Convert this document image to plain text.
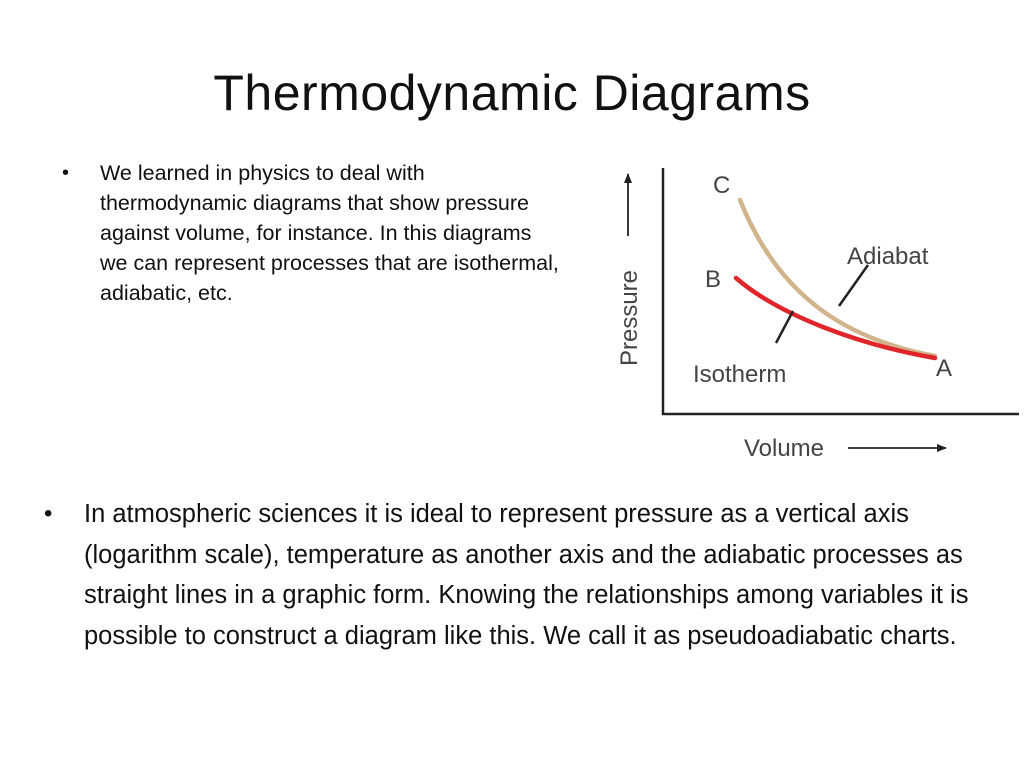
Thermodynamic Diagrams
•	We learned in physics to deal with thermodynamic diagrams that show pressure against volume, for instance. In this diagrams we can represent processes that are isothermal, adiabatic, etc.	Pressure
Volume
C
B
A
Adiabat
Isotherm
•	In atmospheric sciences it is ideal to represent pressure as a vertical axis (logarithm scale), temperature as another axis and the adiabatic processes as straight lines in a graphic form. Knowing the relationships among variables it is possible to construct a diagram like this. We call it as pseudoadiabatic charts.
